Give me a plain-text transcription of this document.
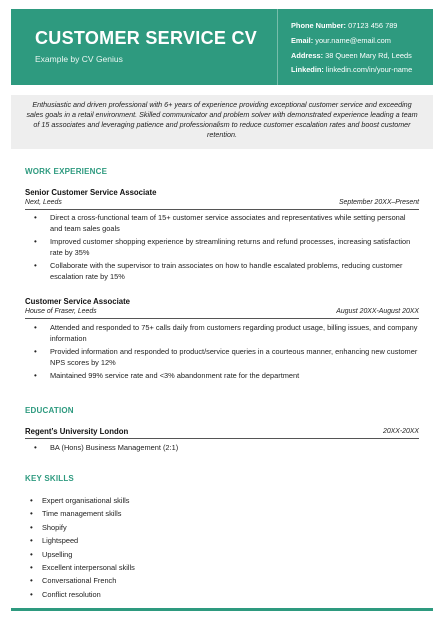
CUSTOMER SERVICE CV
Example by CV Genius
Phone Number: 07123 456 789
Email: your.name@email.com
Address: 38 Queen Mary Rd, Leeds
Linkedin: linkedin.com/in/your-name

Enthusiastic and driven professional with 6+ years of experience providing exceptional customer service and exceeding sales goals in a retail environment. Skilled communicator and problem solver with demonstrated experience leading a team of 15 associates and leveraging patience and professionalism to reduce customer escalation rates and boost customer retention.

WORK EXPERIENCE
Senior Customer Service Associate
Next, Leeds	September 20XX–Present
• Direct a cross-functional team of 15+ customer service associates and representatives while setting personal and team sales goals
• Improved customer shopping experience by streamlining returns and refund processes, increasing satisfaction rate by 35%
• Collaborate with the supervisor to train associates on how to handle escalated problems, reducing customer escalation rate by 15%
Customer Service Associate
House of Fraser, Leeds	August 20XX-August 20XX
• Attended and responded to 75+ calls daily from customers regarding product usage, billing issues, and company information
• Provided information and responded to product/service queries in a courteous manner, enhancing new customer NPS scores by 12%
• Maintained 99% service rate and <3% abandonment rate for the department
EDUCATION
Regent’s University London	20XX-20XX
• BA (Hons) Business Management (2:1)
KEY SKILLS
• Expert organisational skills
• Time management skills
• Shopify
• Lightspeed
• Upselling
• Excellent interpersonal skills
• Conversational French
• Conflict resolution
